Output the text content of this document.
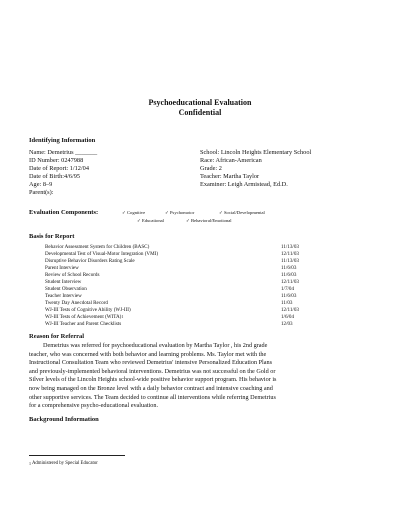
Psychoeducational Evaluation
Confidential
Identifying Information
Name: Demetrius _______
ID Number: 0247988
Date of Report: 1/12/04
Date of Birth:4/6/95
Age: 8–9
Parent(s):
School: Lincoln Heights Elementary School
Race: African-American
Grade: 2
Teacher: Martha Taylor
Examiner: Leigh Armistead, Ed.D.
Evaluation Components:	✓ Cognitive	✓ Psychomotor	✓ Social/Developmental
✓ Educational	✓ Behavioral/Emotional
Basis for Report
Behavior Assessment System for Children (BASC)	11/13/03
Developmental Test of Visual-Motor Integration (VMI)	12/11/03
Disruptive Behavior Disorders Rating Scale	11/13/03
Parent Interview	11/6/03
Review of School Records	11/6/03
Student Interview	12/11/03
Student Observation	1/7/04
Teacher Interview	11/6/03
Twenty Day Anecdotal Record	11/03
WJ-III Tests of Cognitive Ability (WJ-III)	12/11/03
WJ-III Tests of Achievement (WITA)$^1$	1/6/04
WJ-III Teacher and Parent Checklists	12/03
Reason for Referral
Demetrius was referred for psychoeducational evaluation by Martha Taylor , his 2nd grade
teacher, who was concerned with both behavior and learning problems. Ms. Taylor met with the
Instructional Consultation Team who reviewed Demetrius' intensive Personalized Education Plans
and previously-implemented behavioral interventions. Demetrius was not successful on the Gold or
Silver levels of the Lincoln Heights school-wide positive behavior support program. His behavior is
now being managed on the Bronze level with a daily behavior contract and intensive coaching and
other supportive services. The Team decided to continue all interventions while referring Demetrius
for a comprehensive psycho-educational evaluation.
Background Information
$^1$ Administered by Special Educator
